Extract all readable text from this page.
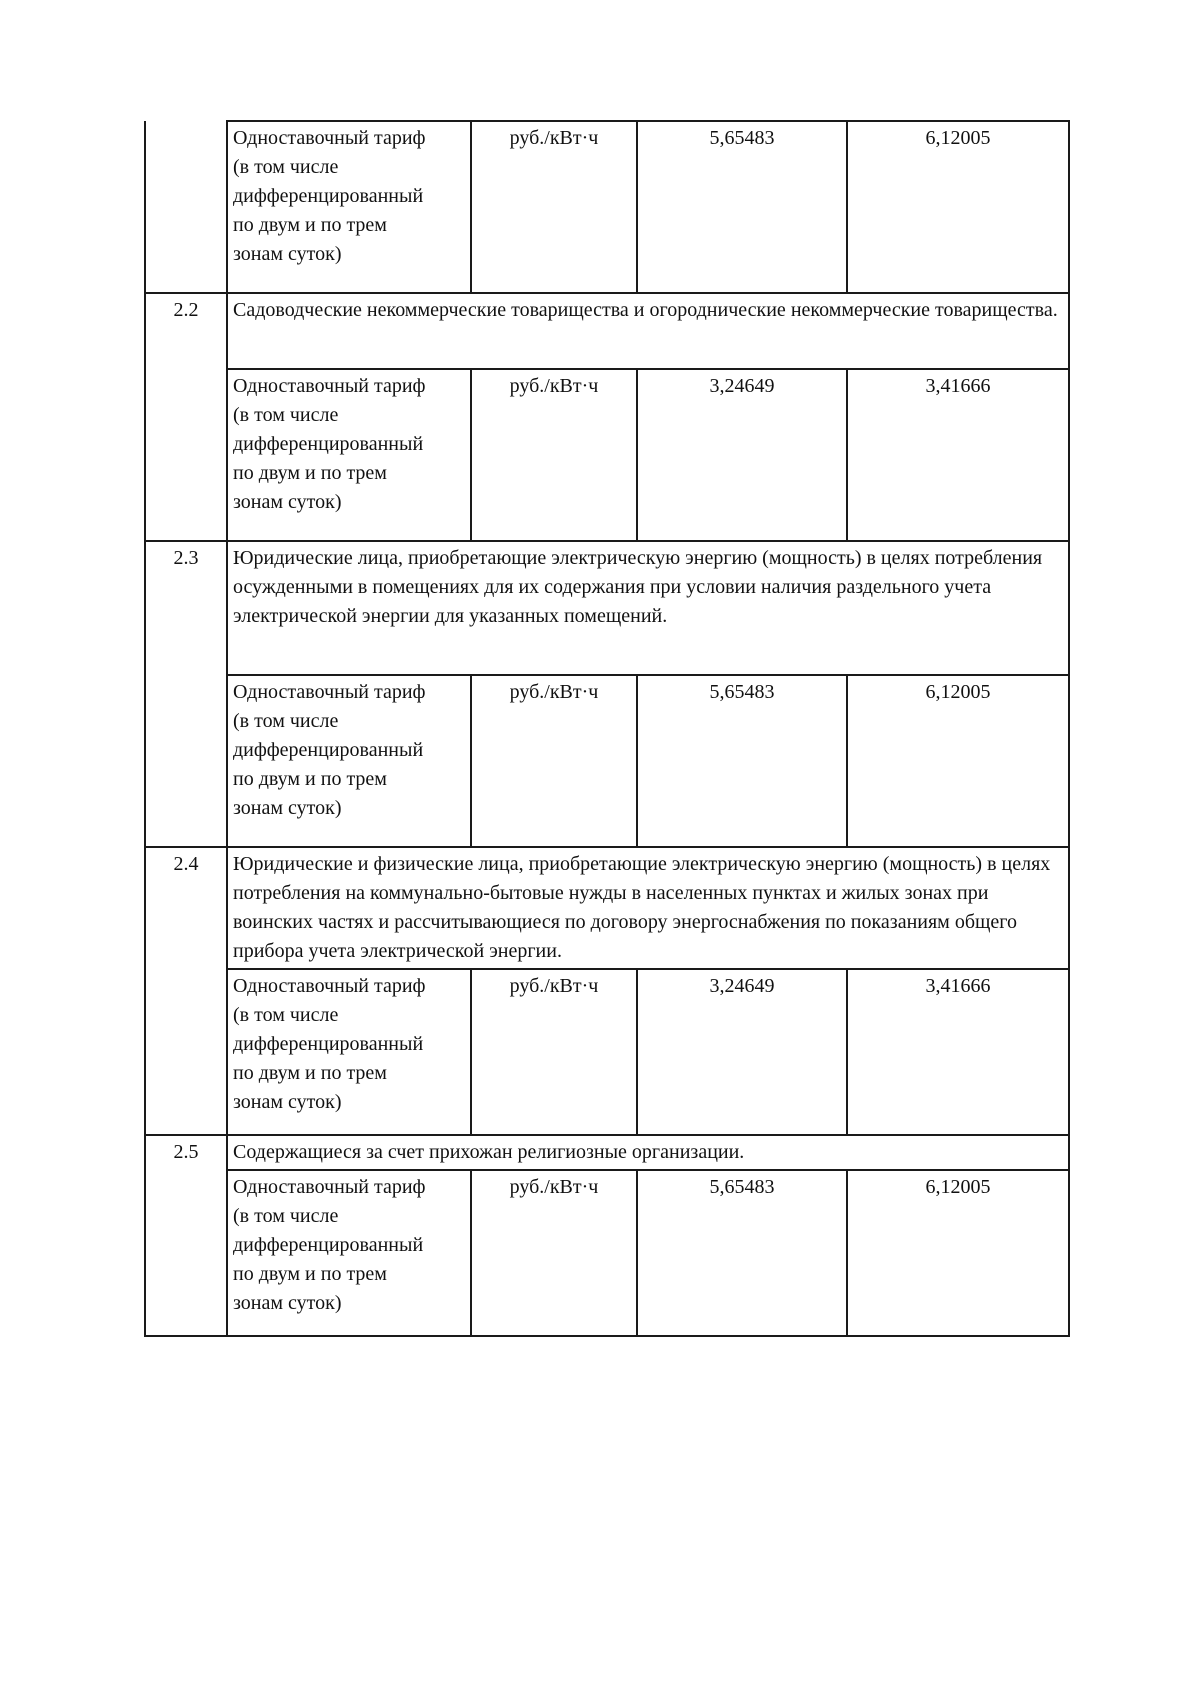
	Одноставочный тариф
(в том числе
дифференцированный
по двум и по трем
зонам суток)	руб./кВт·ч	5,65483	6,12005
2.2	Садоводческие некоммерческие товарищества и огороднические некоммерческие товарищества.			

	Одноставочный тариф
(в том числе
дифференцированный
по двум и по трем
зонам суток)	руб./кВт·ч	3,24649	3,41666
2.3	Юридические лица, приобретающие электрическую энергию (мощность) в целях потребления осужденными в помещениях для их содержания при условии наличия раздельного учета электрической энергии для указанных помещений.			

	Одноставочный тариф
(в том числе
дифференцированный
по двум и по трем
зонам суток)	руб./кВт·ч	5,65483	6,12005
2.4	Юридические и физические лица, приобретающие электрическую энергию (мощность) в целях потребления на коммунально-бытовые нужды в населенных пунктах и жилых зонах при воинских частях и рассчитывающиеся по договору энергоснабжения по показаниям общего прибора учета электрической энергии.			

	Одноставочный тариф
(в том числе
дифференцированный
по двум и по трем
зонам суток)	руб./кВт·ч	3,24649	3,41666
2.5	Содержащиеся за счет прихожан религиозные организации.			

	Одноставочный тариф
(в том числе
дифференцированный
по двум и по трем
зонам суток)	руб./кВт·ч	5,65483	6,12005
